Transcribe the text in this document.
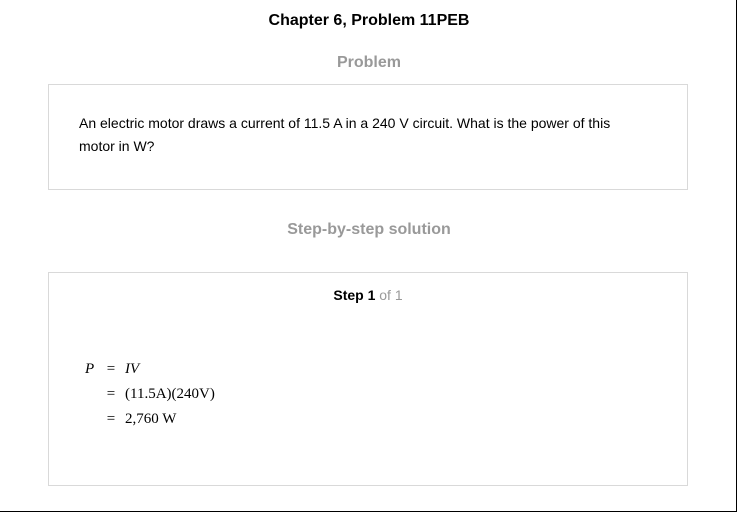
Chapter 6, Problem 11PEB
Problem
An electric motor draws a current of 11.5 A in a 240 V circuit. What is the power of this motor in W?
Step-by-step solution
Step 1 of 1
P = IV
= (11.5A)(240V)
= 2,760 W
